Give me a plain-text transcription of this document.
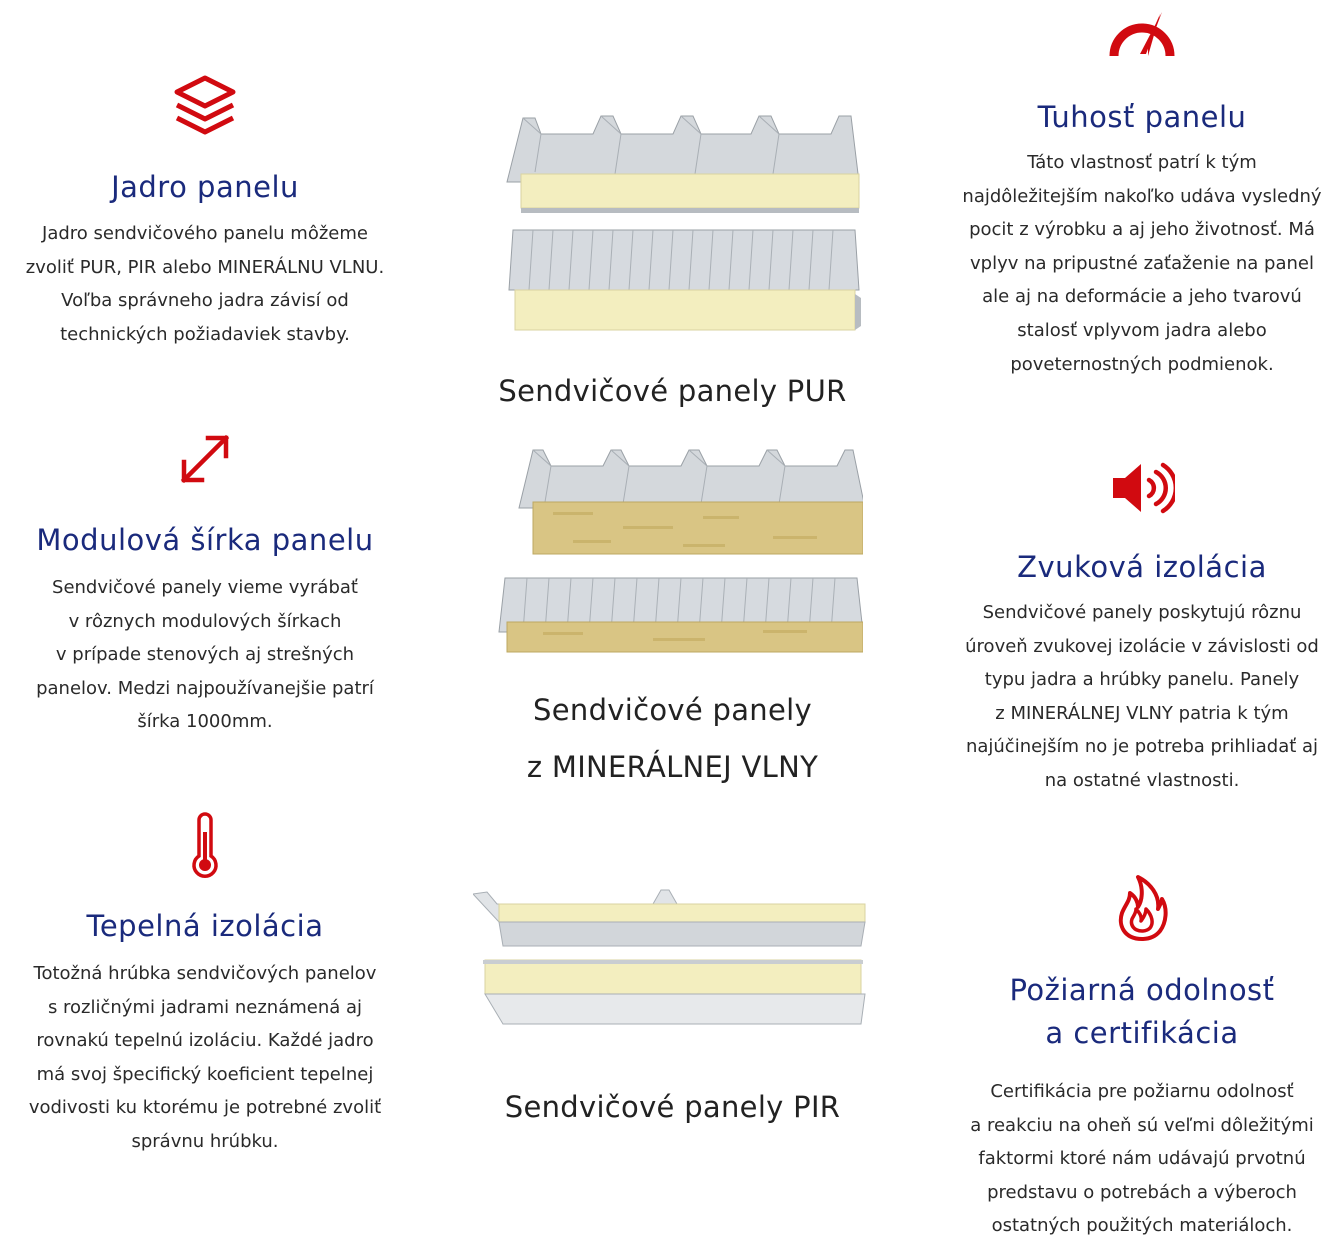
Jadro panelu

Jadro sendvičového panelu môžeme
zvoliť PUR, PIR alebo MINERÁLNU VLNU.
Voľba správneho jadra závisí od
technických požiadaviek stavby.

Modulová šírka panelu

Sendvičové panely vieme vyrábať
v rôznych modulových šírkach
v prípade stenových aj strešných
panelov. Medzi najpoužívanejšie patrí
šírka 1000mm.

Tepelná izolácia

Totožná hrúbka sendvičových panelov
s rozličnými jadrami neznámená aj
rovnakú tepelnú izoláciu. Každé jadro
má svoj špecifický koeficient tepelnej
vodivosti ku ktorému je potrebné zvoliť
správnu hrúbku.

Sendvičové panely PUR
Sendvičové panely
z MINERÁLNEJ VLNY
Sendvičové panely PIR
Tuhosť panelu

Táto vlastnosť patrí k tým
najdôležitejším nakoľko udáva vysledný
pocit z výrobku a aj jeho životnosť. Má
vplyv na pripustné zaťaženie na panel
ale aj na deformácie a jeho tvarovú
stalosť vplyvom jadra alebo
poveternostných podmienok.

Zvuková izolácia

Sendvičové panely poskytujú rôznu
úroveň zvukovej izolácie v závislosti od
typu jadra a hrúbky panelu. Panely
z MINERÁLNEJ VLNY patria k tým
najúčinejším no je potreba prihliadať aj
na ostatné vlastnosti.

Požiarná odolnosť
a certifikácia

Certifikácia pre požiarnu odolnosť
a reakciu na oheň sú veľmi dôležitými
faktormi ktoré nám udávajú prvotnú
predstavu o potrebách a výberoch
ostatných použitých materiáloch.
